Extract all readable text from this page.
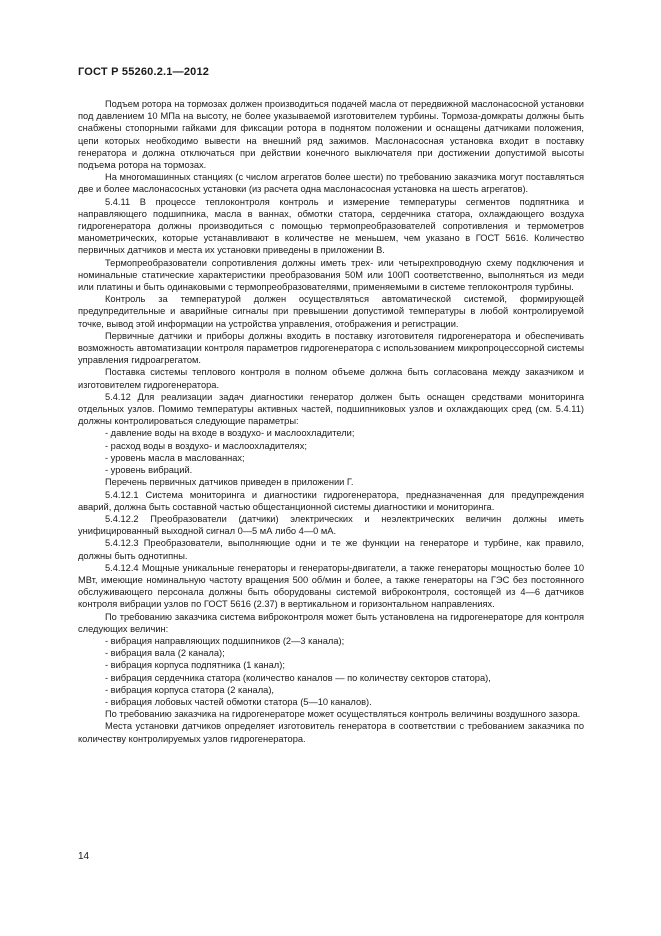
ГОСТ Р 55260.2.1—2012

Подъем ротора на тормозах должен производиться подачей масла от передвижной маслонасосной установки под давлением 10 МПа на высоту, не более указываемой изготовителем турбины. Тормоза-домкраты должны быть снабжены стопорными гайками для фиксации ротора в поднятом положении и оснащены датчиками положения, цепи которых необходимо вывести на внешний ряд зажимов. Маслонасосная установка входит в поставку генератора и должна отключаться при действии конечного выключателя при достижении допустимой высоты подъема ротора на тормозах.

На многомашинных станциях (с числом агрегатов более шести) по требованию заказчика могут поставляться две и более маслонасосных установки (из расчета одна маслонасосная установка на шесть агрегатов).

5.4.11 В процессе теплоконтроля контроль и измерение температуры сегментов подпятника и направляющего подшипника, масла в ваннах, обмотки статора, сердечника статора, охлаждающего воздуха гидрогенератора должны производиться с помощью термопреобразователей сопротивления и термометров манометрических, которые устанавливают в количестве не меньшем, чем указано в ГОСТ 5616. Количество первичных датчиков и места их установки приведены в приложении В.

Термопреобразователи сопротивления должны иметь трех- или четырехпроводную схему подключения и номинальные статические характеристики преобразования 50М или 100П соответственно, выполняться из меди или платины и быть одинаковыми с термопреобразователями, применяемыми в системе теплоконтроля турбины.

Контроль за температурой должен осуществляться автоматической системой, формирующей предупредительные и аварийные сигналы при превышении допустимой температуры в любой контролируемой точке, вывод этой информации на устройства управления, отображения и регистрации.

Первичные датчики и приборы должны входить в поставку изготовителя гидрогенератора и обеспечивать возможность автоматизации контроля параметров гидрогенератора с использованием микропроцессорной системы управления гидроагрегатом.

Поставка системы теплового контроля в полном объеме должна быть согласована между заказчиком и изготовителем гидрогенератора.

5.4.12 Для реализации задач диагностики генератор должен быть оснащен средствами мониторинга отдельных узлов. Помимо температуры активных частей, подшипниковых узлов и охлаждающих сред (см. 5.4.11) должны контролироваться следующие параметры:

- давление воды на входе в воздухо- и маслоохладители;

- расход воды в воздухо- и маслоохладителях;

- уровень масла в маслованнах;

- уровень вибраций.

Перечень первичных датчиков приведен в приложении Г.

5.4.12.1 Система мониторинга и диагностики гидрогенератора, предназначенная для предупреждения аварий, должна быть составной частью общестанционной системы диагностики и мониторинга.

5.4.12.2 Преобразователи (датчики) электрических и неэлектрических величин должны иметь унифицированный выходной сигнал 0—5 мА либо 4—0 мА.

5.4.12.3 Преобразователи, выполняющие одни и те же функции на генераторе и турбине, как правило, должны быть однотипны.

5.4.12.4 Мощные уникальные генераторы и генераторы-двигатели, а также генераторы мощностью более 10 МВт, имеющие номинальную частоту вращения 500 об/мин и более, а также генераторы на ГЭС без постоянного обслуживающего персонала должны быть оборудованы системой виброконтроля, состоящей из 4—6 датчиков контроля вибрации узлов по ГОСТ 5616 (2.37) в вертикальном и горизонтальном направлениях.

По требованию заказчика система виброконтроля может быть установлена на гидрогенераторе для контроля следующих величин:

- вибрация направляющих подшипников (2—3 канала);

- вибрация вала (2 канала);

- вибрация корпуса подпятника (1 канал);

- вибрация сердечника статора (количество каналов — по количеству секторов статора),

- вибрация корпуса статора (2 канала),

- вибрация лобовых частей обмотки статора (5—10 каналов).

По требованию заказчика на гидрогенераторе может осуществляться контроль величины воздушного зазора.

Места установки датчиков определяет изготовитель генератора в соответствии с требованием заказчика по количеству контролируемых узлов гидрогенератора.

14
